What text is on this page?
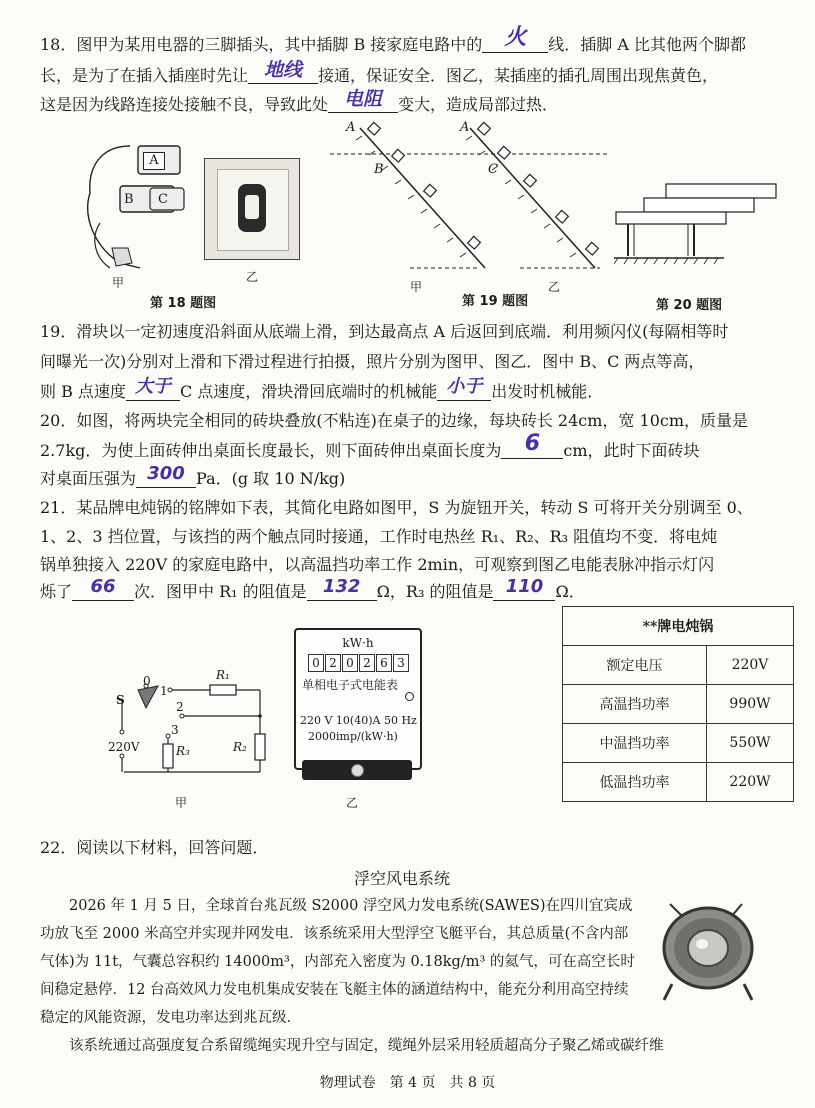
18．图甲为某用电器的三脚插头，其中插脚 B 接家庭电路中的 火 线．插脚 A 比其他两个脚都
长，是为了在插入插座时先让 地线 接通，保证安全．图乙，某插座的插孔周围出现焦黄色，
这是因为线路连接处接触不良，导致此处 电阻 变大，造成局部过热．
A
B C
甲	乙
第 18 题图
A
B
A
C
甲	乙
第 19 题图	第 20 题图
19．滑块以一定初速度沿斜面从底端上滑，到达最高点 A 后返回到底端．利用频闪仪(每隔相等时
间曝光一次)分别对上滑和下滑过程进行拍摄，照片分别为图甲、图乙．图中 B、C 两点等高，
则 B 点速度 大于 C 点速度，滑块滑回底端时的机械能 小于 出发时机械能．
20．如图，将两块完全相同的砖块叠放(不粘连)在桌子的边缘，每块砖长 24cm，宽 10cm，质量是
2.7kg．为使上面砖伸出桌面长度最长，则下面砖伸出桌面长度为 6 cm，此时下面砖块
对桌面压强为 300 Pa．(g 取 10 N/kg)
21．某品牌电炖锅的铭牌如下表，其简化电路如图甲，S 为旋钮开关，转动 S 可将开关分别调至 0、
1、2、3 挡位置，与该挡的两个触点同时接通，工作时电热丝 R₁、R₂、R₃ 阻值均不变．将电炖
锅单独接入 220V 的家庭电路中，以高温挡功率工作 2min，可观察到图乙电能表脉冲指示灯闪
烁了 66 次．图甲中 R₁ 的阻值是 132 Ω，R₃ 的阻值是 110 Ω．
S
0
1
2
3
R₁
R₂
R₃
220V
甲
kW·h
0 2 0 2 6 3
单相电子式电能表
220 V 10(40)A 50 Hz
2000imp/(kW·h)
乙
**牌电炖锅	
额定电压	220V
高温挡功率	990W
中温挡功率	550W
低温挡功率	220W
22．阅读以下材料，回答问题．
浮空风电系统
2026 年 1 月 5 日，全球首台兆瓦级 S2000 浮空风力发电系统(SAWES)在四川宜宾成功放飞至 2000 米高空并实现并网发电．该系统采用大型浮空飞艇平台，其总质量(不含内部气体)为 11t，气囊总容积约 14000m³，内部充入密度为 0.18kg/m³ 的氦气，可在高空长时间稳定悬停．12 台高效风力发电机集成安装在飞艇主体的涵道结构中，能充分利用高空持续稳定的风能资源，发电功率达到兆瓦级．
该系统通过高强度复合系留缆绳实现升空与固定，缆绳外层采用轻质超高分子聚乙烯或碳纤维
物理试卷　第 4 页　共 8 页
